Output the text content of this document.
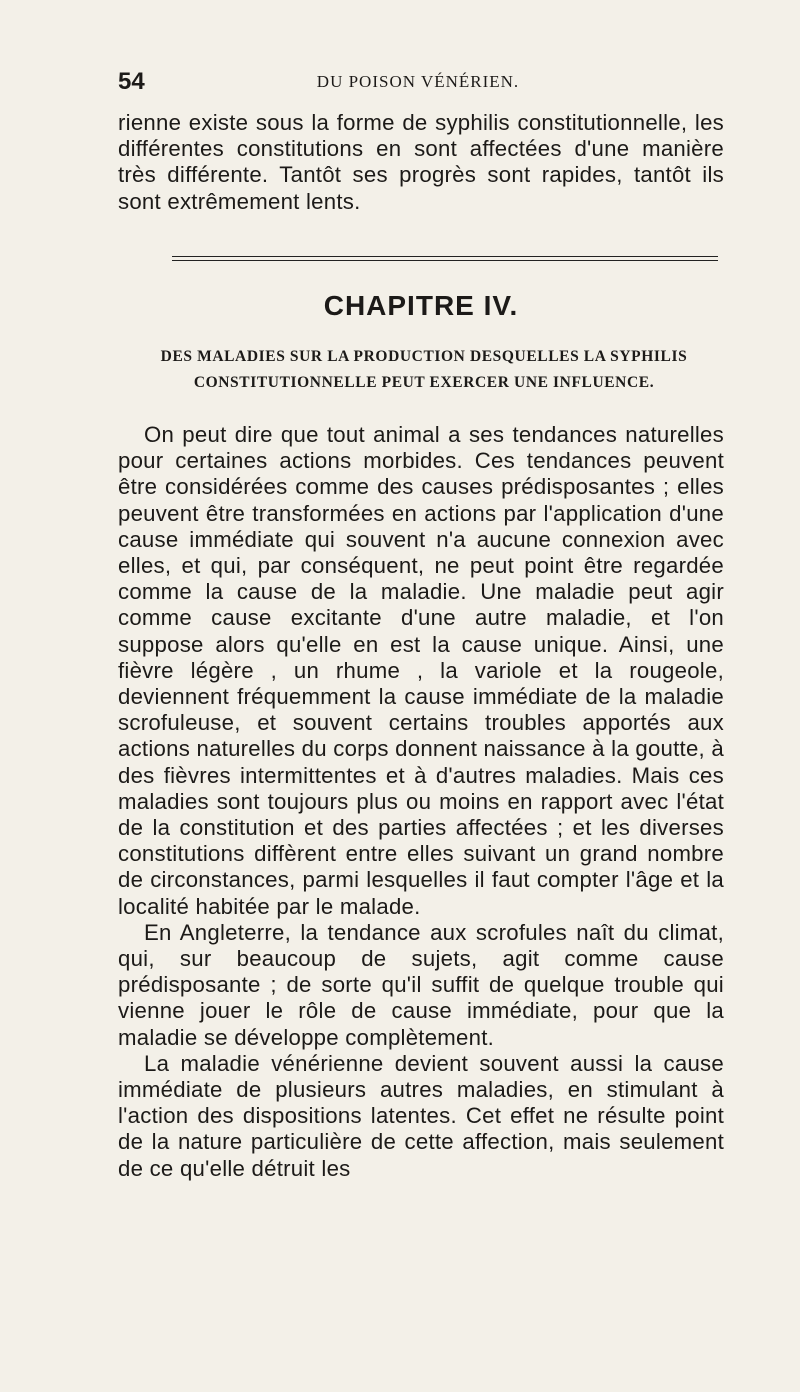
54	DU POISON VÉNÉRIEN.

rienne existe sous la forme de syphilis constitutionnelle, les différentes constitutions en sont affectées d'une manière très différente. Tantôt ses progrès sont rapides, tantôt ils sont extrêmement lents.

CHAPITRE IV.
DES MALADIES SUR LA PRODUCTION DESQUELLES LA SYPHILIS
CONSTITUTIONNELLE PEUT EXERCER UNE INFLUENCE.

On peut dire que tout animal a ses tendances naturelles pour certaines actions morbides. Ces tendances peuvent être considérées comme des causes prédisposantes ; elles peuvent être transformées en actions par l'application d'une cause immédiate qui souvent n'a aucune connexion avec elles, et qui, par conséquent, ne peut point être regardée comme la cause de la maladie. Une maladie peut agir comme cause excitante d'une autre maladie, et l'on suppose alors qu'elle en est la cause unique. Ainsi, une fièvre légère , un rhume , la variole et la rougeole, deviennent fréquemment la cause immédiate de la maladie scrofuleuse, et souvent certains troubles apportés aux actions naturelles du corps donnent naissance à la goutte, à des fièvres intermittentes et à d'autres maladies. Mais ces maladies sont toujours plus ou moins en rapport avec l'état de la constitution et des parties affectées ; et les diverses constitutions diffèrent entre elles suivant un grand nombre de circonstances, parmi lesquelles il faut compter l'âge et la localité habitée par le malade.

En Angleterre, la tendance aux scrofules naît du climat, qui, sur beaucoup de sujets, agit comme cause prédisposante ; de sorte qu'il suffit de quelque trouble qui vienne jouer le rôle de cause immédiate, pour que la maladie se développe complètement.

La maladie vénérienne devient souvent aussi la cause immédiate de plusieurs autres maladies, en stimulant à l'action des dispositions latentes. Cet effet ne résulte point de la nature particulière de cette affection, mais seulement de ce qu'elle détruit les
